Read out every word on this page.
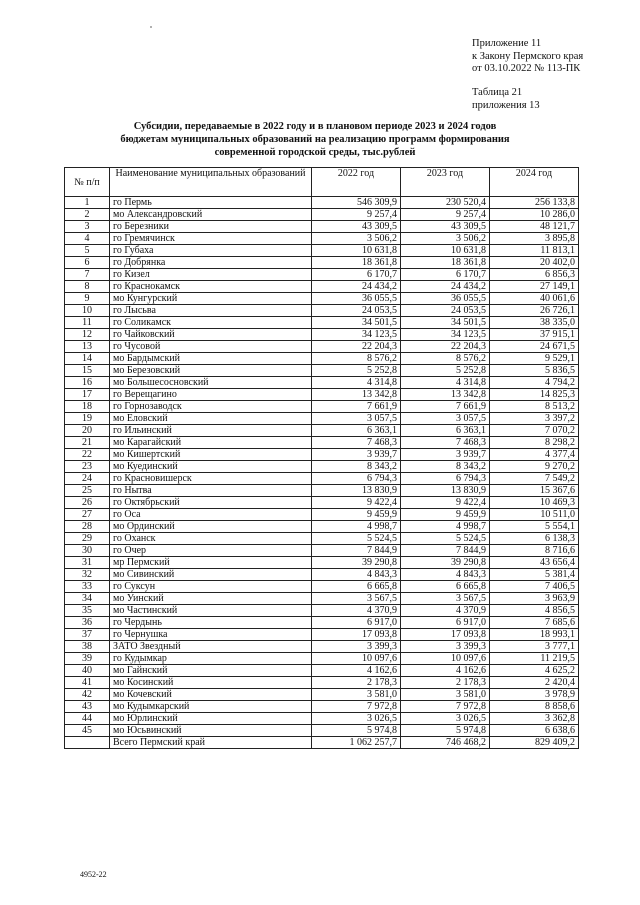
Приложение 11
к Закону Пермского края
от 03.10.2022 № 113-ПК
Таблица 21
приложения 13
Субсидии, передаваемые в 2022 году и в плановом периоде 2023 и 2024 годов
бюджетам муниципальных образований на реализацию программ формирования
современной городской среды, тыс.рублей
№ п/п	Наименование муниципальных образований	2022 год	2023 год	2024 год
1	го Пермь	546 309,9	230 520,4	256 133,8
2	мо Александровский	9 257,4	9 257,4	10 286,0
3	го Березники	43 309,5	43 309,5	48 121,7
4	го Гремячинск	3 506,2	3 506,2	3 895,8
5	го Губаха	10 631,8	10 631,8	11 813,1
6	го Добрянка	18 361,8	18 361,8	20 402,0
7	го Кизел	6 170,7	6 170,7	6 856,3
8	го Краснокамск	24 434,2	24 434,2	27 149,1
9	мо Кунгурский	36 055,5	36 055,5	40 061,6
10	го Лысьва	24 053,5	24 053,5	26 726,1
11	го Соликамск	34 501,5	34 501,5	38 335,0
12	го Чайковский	34 123,5	34 123,5	37 915,1
13	го Чусовой	22 204,3	22 204,3	24 671,5
14	мо Бардымский	8 576,2	8 576,2	9 529,1
15	мо Березовский	5 252,8	5 252,8	5 836,5
16	мо Большесосновский	4 314,8	4 314,8	4 794,2
17	го Верещагино	13 342,8	13 342,8	14 825,3
18	го Горнозаводск	7 661,9	7 661,9	8 513,2
19	мо Еловский	3 057,5	3 057,5	3 397,2
20	го Ильинский	6 363,1	6 363,1	7 070,2
21	мо Карагайский	7 468,3	7 468,3	8 298,2
22	мо Кишертский	3 939,7	3 939,7	4 377,4
23	мо Куединский	8 343,2	8 343,2	9 270,2
24	го Красновишерск	6 794,3	6 794,3	7 549,2
25	го Нытва	13 830,9	13 830,9	15 367,6
26	го Октябрьский	9 422,4	9 422,4	10 469,3
27	го Оса	9 459,9	9 459,9	10 511,0
28	мо Ординский	4 998,7	4 998,7	5 554,1
29	го Оханск	5 524,5	5 524,5	6 138,3
30	го Очер	7 844,9	7 844,9	8 716,6
31	мр Пермский	39 290,8	39 290,8	43 656,4
32	мо Сивинский	4 843,3	4 843,3	5 381,4
33	го Суксун	6 665,8	6 665,8	7 406,5
34	мо Уинский	3 567,5	3 567,5	3 963,9
35	мо Частинский	4 370,9	4 370,9	4 856,5
36	го Чердынь	6 917,0	6 917,0	7 685,6
37	го Чернушка	17 093,8	17 093,8	18 993,1
38	ЗАТО Звездный	3 399,3	3 399,3	3 777,1
39	го Кудымкар	10 097,6	10 097,6	11 219,5
40	мо Гайнский	4 162,6	4 162,6	4 625,2
41	мо Косинский	2 178,3	2 178,3	2 420,4
42	мо Кочевский	3 581,0	3 581,0	3 978,9
43	мо Кудымкарский	7 972,8	7 972,8	8 858,6
44	мо Юрлинский	3 026,5	3 026,5	3 362,8
45	мо Юсьвинский	5 974,8	5 974,8	6 638,6
	Всего Пермский край	1 062 257,7	746 468,2	829 409,2
4952-22
